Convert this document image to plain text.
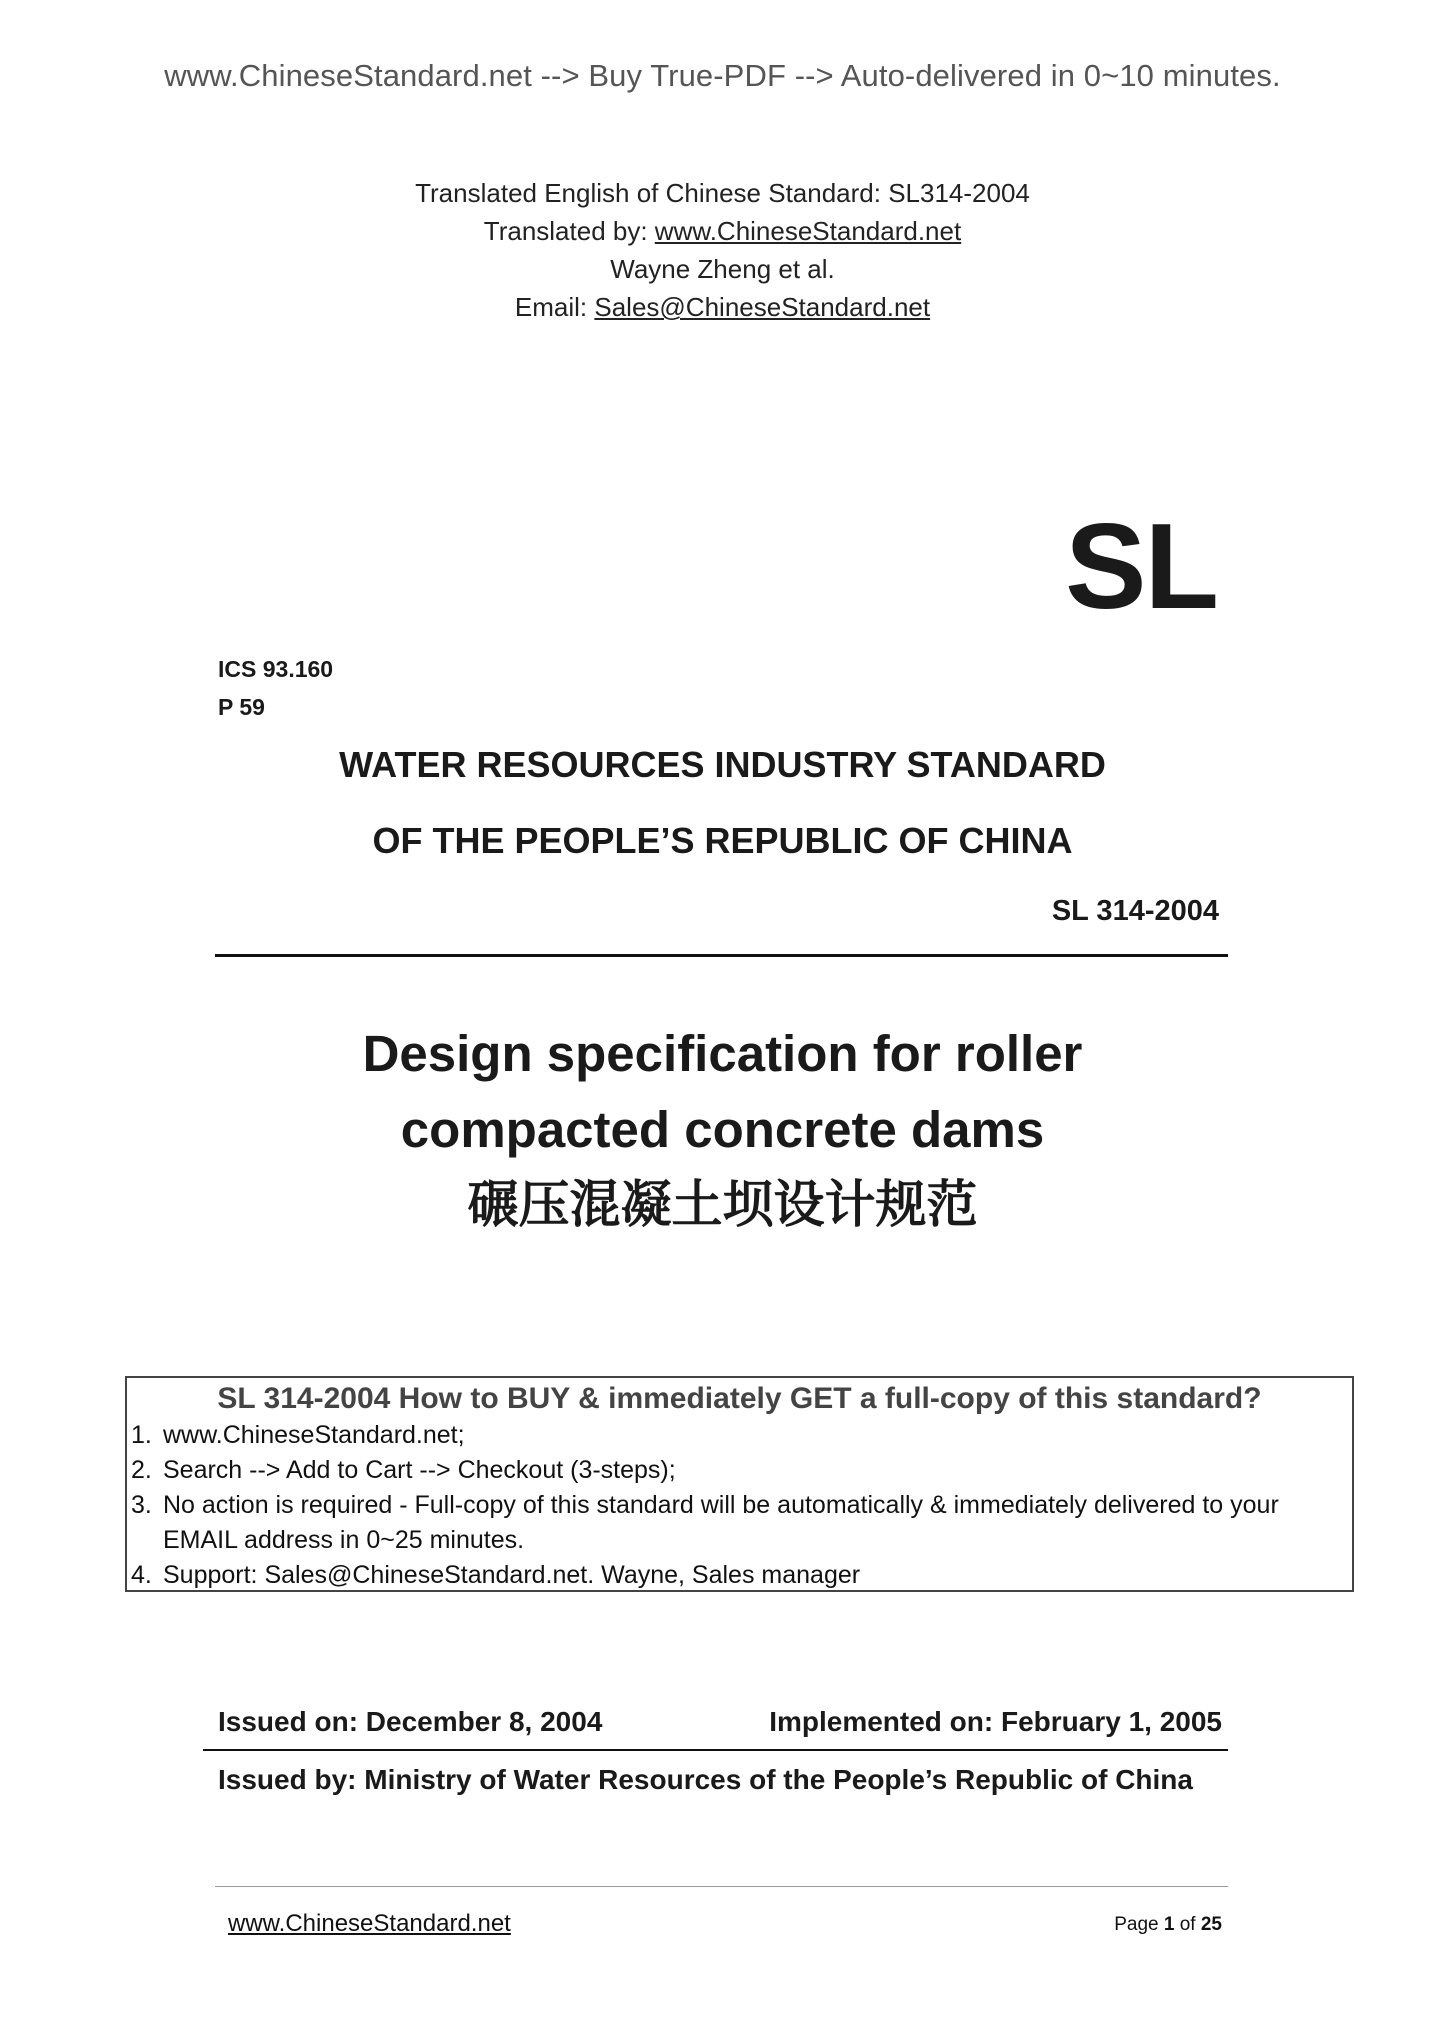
www.ChineseStandard.net --> Buy True-PDF --> Auto-delivered in 0~10 minutes.
Translated English of Chinese Standard: SL314-2004
Translated by: www.ChineseStandard.net
Wayne Zheng et al.
Email: Sales@ChineseStandard.net
SL
ICS 93.160
P 59
WATER RESOURCES INDUSTRY STANDARD
OF THE PEOPLE’S REPUBLIC OF CHINA
SL 314-2004
Design specification for roller
compacted concrete dams
碾压混凝土坝设计规范
SL 314-2004 How to BUY & immediately GET a full-copy of this standard?
1. www.ChineseStandard.net;
2. Search --> Add to Cart --> Checkout (3-steps);
3. No action is required - Full-copy of this standard will be automatically & immediately delivered to your EMAIL address in 0~25 minutes.
4. Support: Sales@ChineseStandard.net. Wayne, Sales manager
Issued on: December 8, 2004	Implemented on: February 1, 2005
Issued by: Ministry of Water Resources of the People’s Republic of China
www.ChineseStandard.net	Page 1 of 25
